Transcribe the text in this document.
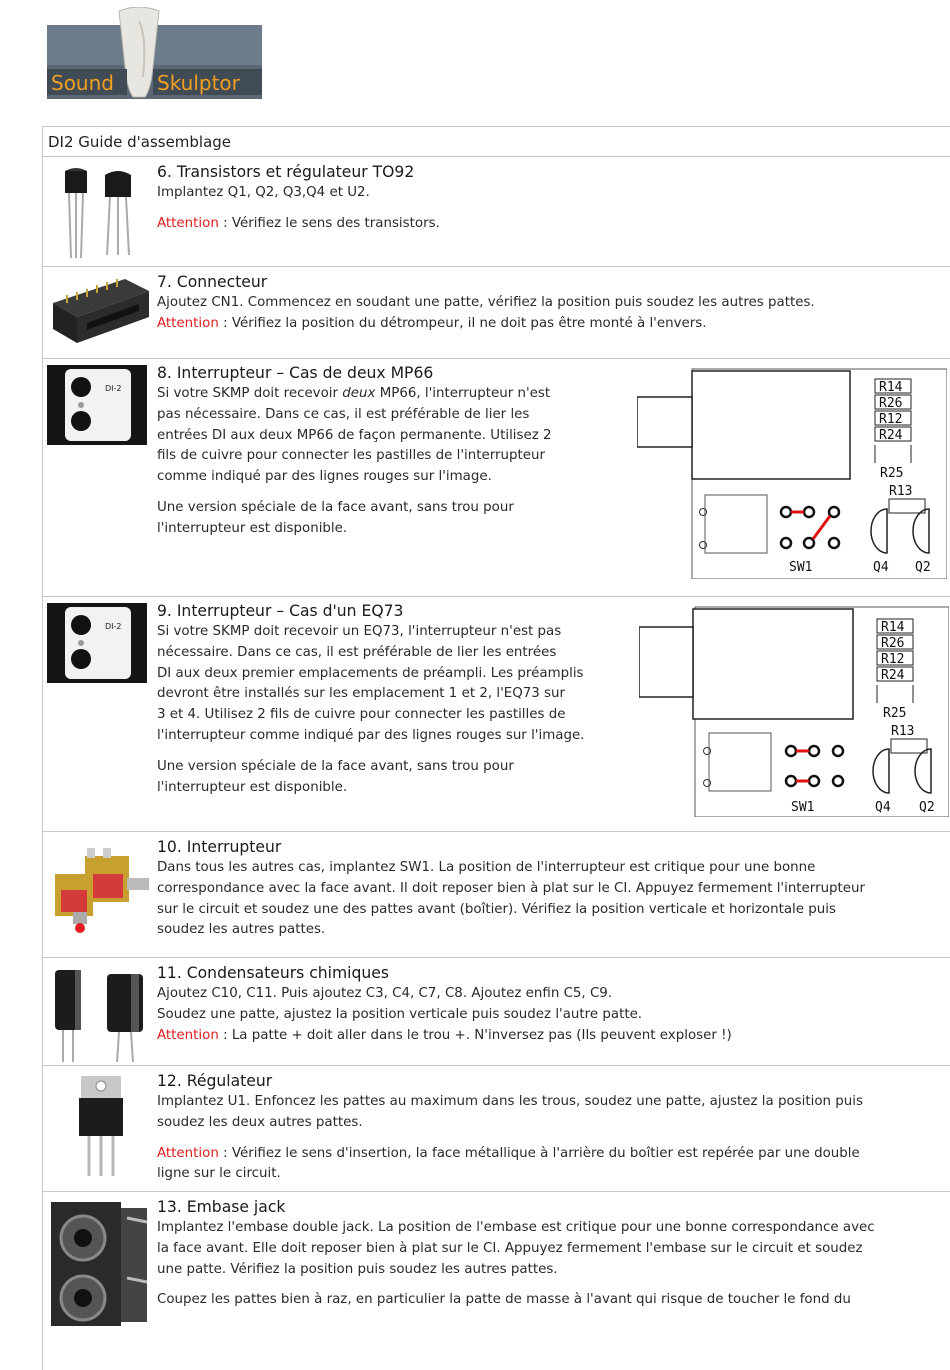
Sound Skulptor
DI2 Guide d'assemblage
6. Transistors et régulateur TO92

Implantez Q1, Q2, Q3,Q4 et U2.

Attention : Vérifiez le sens des transistors.

7. Connecteur

Ajoutez CN1. Commencez en soudant une patte, vérifiez la position puis soudez les autres pattes.

Attention : Vérifiez la position du détrompeur, il ne doit pas être monté à l'envers.

DI-2
8. Interrupteur – Cas de deux MP66

Si votre SKMP doit recevoir deux MP66, l'interrupteur n'est

pas nécessaire. Dans ce cas, il est préférable de lier les

entrées DI aux deux MP66 de façon permanente. Utilisez 2

fils de cuivre pour connecter les pastilles de l'interrupteur

comme indiqué par des lignes rouges sur l'image.

Une version spéciale de la face avant, sans trou pour

l'interrupteur est disponible.

R14
R26
R12
R24
R25
R13
SW1	Q4 Q2
DI-2
9. Interrupteur – Cas d'un EQ73

Si votre SKMP doit recevoir un EQ73, l'interrupteur n'est pas

nécessaire. Dans ce cas, il est préférable de lier les entrées

DI aux deux premier emplacements de préampli. Les préamplis

devront être installés sur les emplacement 1 et 2, l'EQ73 sur

3 et 4. Utilisez 2 fils de cuivre pour connecter les pastilles de

l'interrupteur comme indiqué par des lignes rouges sur l'image.

Une version spéciale de la face avant, sans trou pour

l'interrupteur est disponible.

R14
R26
R12
R24
R25
R13
SW1	Q4 Q2
10. Interrupteur

Dans tous les autres cas, implantez SW1. La position de l'interrupteur est critique pour une bonne

correspondance avec la face avant. Il doit reposer bien à plat sur le CI. Appuyez fermement l'interrupteur

sur le circuit et soudez une des pattes avant (boîtier). Vérifiez la position verticale et horizontale puis

soudez les autres pattes.

11. Condensateurs chimiques

Ajoutez C10, C11. Puis ajoutez C3, C4, C7, C8. Ajoutez enfin C5, C9.

Soudez une patte, ajustez la position verticale puis soudez l'autre patte.

Attention : La patte + doit aller dans le trou +. N'inversez pas (Ils peuvent exploser !)

12. Régulateur

Implantez U1. Enfoncez les pattes au maximum dans les trous, soudez une patte, ajustez la position puis

soudez les deux autres pattes.

Attention : Vérifiez le sens d'insertion, la face métallique à l'arrière du boîtier est repérée par une double

ligne sur le circuit.

13. Embase jack

Implantez l'embase double jack. La position de l'embase est critique pour une bonne correspondance avec

la face avant. Elle doit reposer bien à plat sur le CI. Appuyez fermement l'embase sur le circuit et soudez

une patte. Vérifiez la position puis soudez les autres pattes.

Coupez les pattes bien à raz, en particulier la patte de masse à l'avant qui risque de toucher le fond du
